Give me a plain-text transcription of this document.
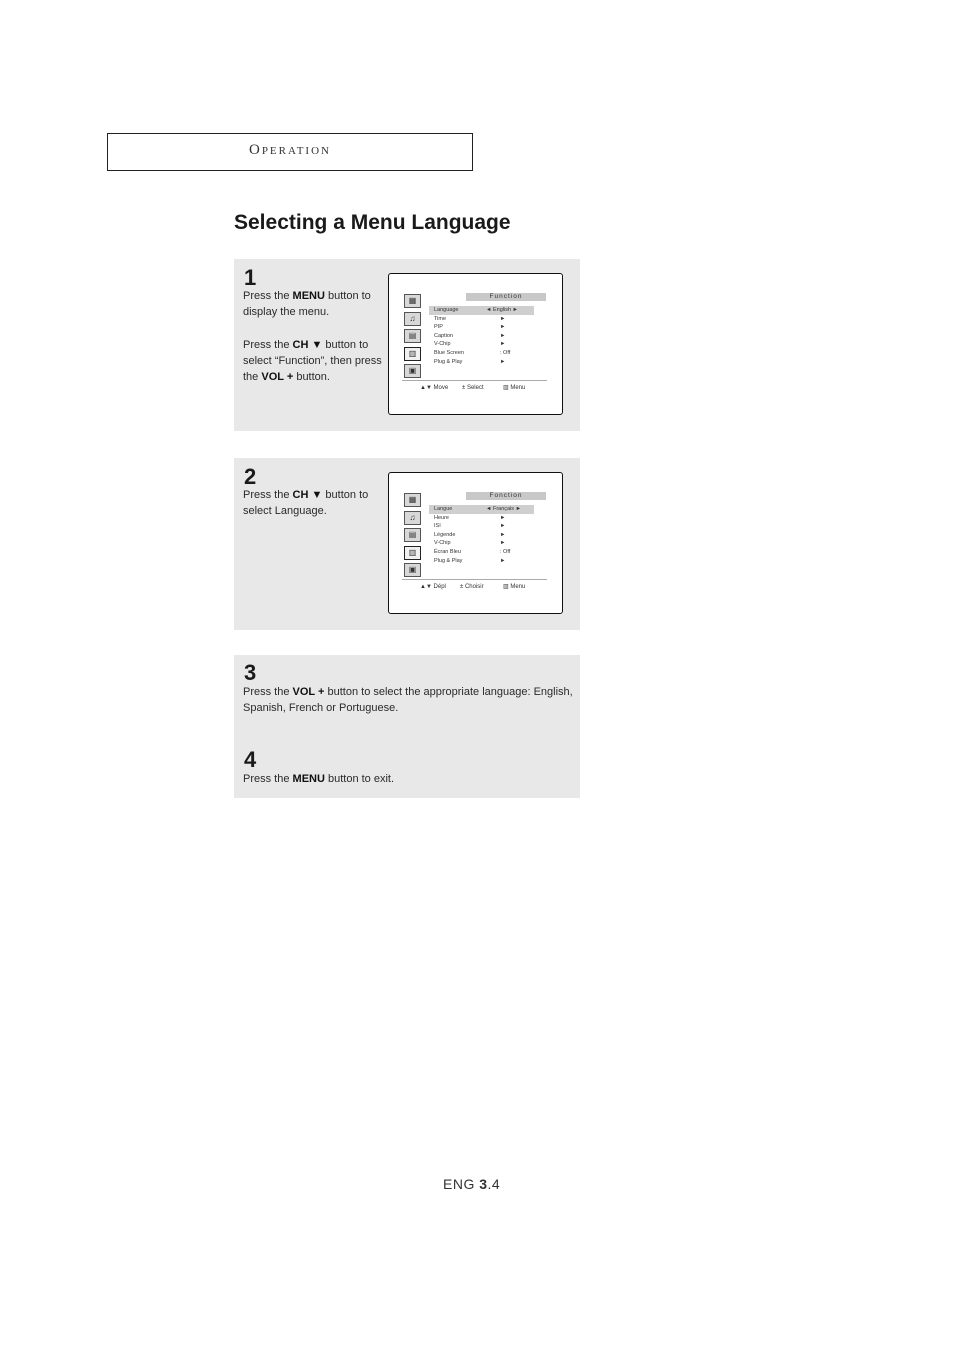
Operation
Selecting a Menu Language
1
Press the MENU button to display the menu.
Press the CH ▼ button to select “Function”, then press the VOL + button.
▦
♫
▤
▥
▣
Function
Language	◄ English ►
Time	►
PIP	►
Caption	►
V-Chip	►
Blue Screen	: Off
Plug & Play	►
▲▼ Move ± Select	▥ Menu
2
Press the CH ▼ button to select Language.
▦
♫
▤
▥
▣
Fonction
Langue	◄ Français ►
Heure	►
ISI	►
Légende	►
V-Chip	►
Écran Bleu	: Off
Plug & Play	►
▲▼ Dépl ± Choisir	▥ Menu
3
Press the VOL + button to select the appropriate language: English, Spanish, French or Portuguese.
4
Press the MENU button to exit.
ENG 3.4
